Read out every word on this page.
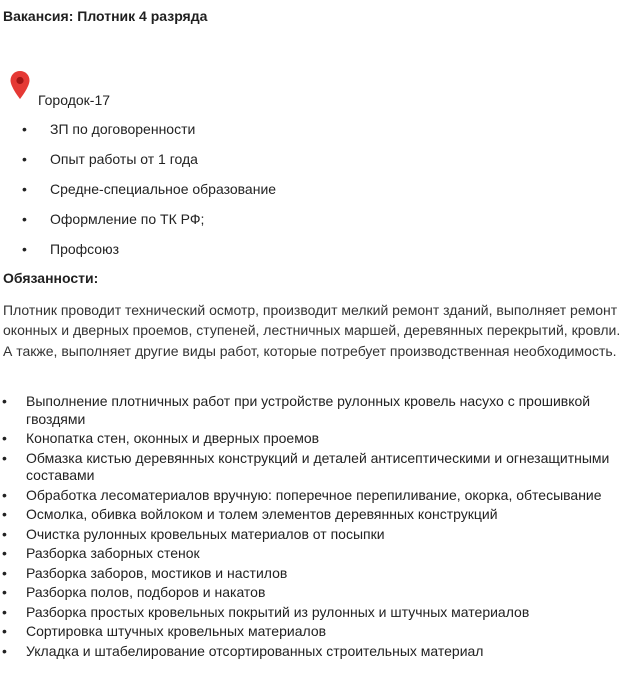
Вакансия: Плотник 4 разряда
Городок-17
•	ЗП по договоренности
•	Опыт работы от 1 года
•	Средне-специальное образование
•	Оформление по ТК РФ;
•	Профсоюз
Обязанности:

Плотник проводит технический осмотр, производит мелкий ремонт зданий, выполняет ремонт оконных и дверных проемов, ступеней, лестничных маршей, деревянных перекрытий, кровли. А также, выполняет другие виды работ, которые потребует производственная необходимость.

• Выполнение плотничных работ при устройстве рулонных кровель насухо с прошивкой гвоздями
• Конопатка стен, оконных и дверных проемов
• Обмазка кистью деревянных конструкций и деталей антисептическими и огнезащитными составами
• Обработка лесоматериалов вручную: поперечное перепиливание, окорка, обтесывание
• Осмолка, обивка войлоком и толем элементов деревянных конструкций
• Очистка рулонных кровельных материалов от посыпки
• Разборка заборных стенок
• Разборка заборов, мостиков и настилов
• Разборка полов, подборов и накатов
• Разборка простых кровельных покрытий из рулонных и штучных материалов
• Сортировка штучных кровельных материалов
• Укладка и штабелирование отсортированных строительных материал
